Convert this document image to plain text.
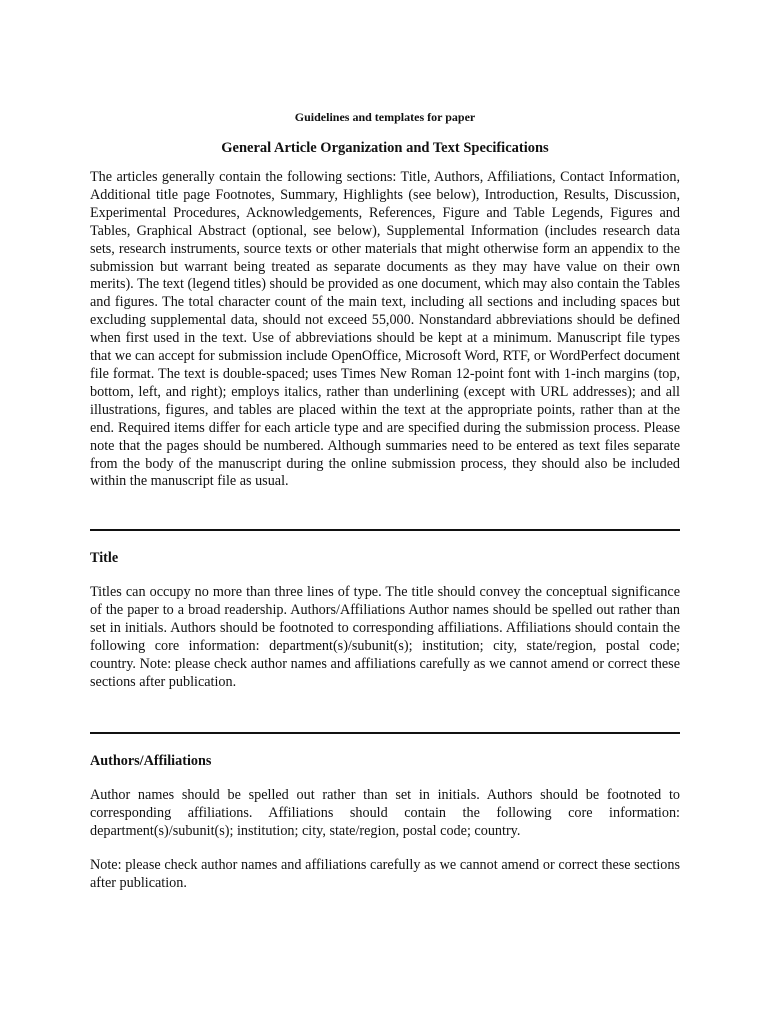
Guidelines and templates for paper
General Article Organization and Text Specifications

The articles generally contain the following sections: Title, Authors, Affiliations, Contact Information, Additional title page Footnotes, Summary, Highlights (see below), Introduction, Results, Discussion, Experimental Procedures, Acknowledgements, References, Figure and Table Legends, Figures and Tables, Graphical Abstract (optional, see below), Supplemental Information (includes research data sets, research instruments, source texts or other materials that might otherwise form an appendix to the submission but warrant being treated as separate documents as they may have value on their own merits). The text (legend titles) should be provided as one document, which may also contain the Tables and figures. The total character count of the main text, including all sections and including spaces but excluding supplemental data, should not exceed 55,000. Nonstandard abbreviations should be defined when first used in the text. Use of abbreviations should be kept at a minimum. Manuscript file types that we can accept for submission include OpenOffice, Microsoft Word, RTF, or WordPerfect document file format. The text is double-spaced; uses Times New Roman 12-point font with 1-inch margins (top, bottom, left, and right); employs italics, rather than underlining (except with URL addresses); and all illustrations, figures, and tables are placed within the text at the appropriate points, rather than at the end. Required items differ for each article type and are specified during the submission process. Please note that the pages should be numbered. Although summaries need to be entered as text files separate from the body of the manuscript during the online submission process, they should also be included within the manuscript file as usual.

Title

Titles can occupy no more than three lines of type. The title should convey the conceptual significance of the paper to a broad readership. Authors/Affiliations Author names should be spelled out rather than set in initials. Authors should be footnoted to corresponding affiliations. Affiliations should contain the following core information: department(s)/subunit(s); institution; city, state/region, postal code; country. Note: please check author names and affiliations carefully as we cannot amend or correct these sections after publication.

Authors/Affiliations

Author names should be spelled out rather than set in initials. Authors should be footnoted to corresponding affiliations. Affiliations should contain the following core information: department(s)/subunit(s); institution; city, state/region, postal code; country.

Note: please check author names and affiliations carefully as we cannot amend or correct these sections after publication.
